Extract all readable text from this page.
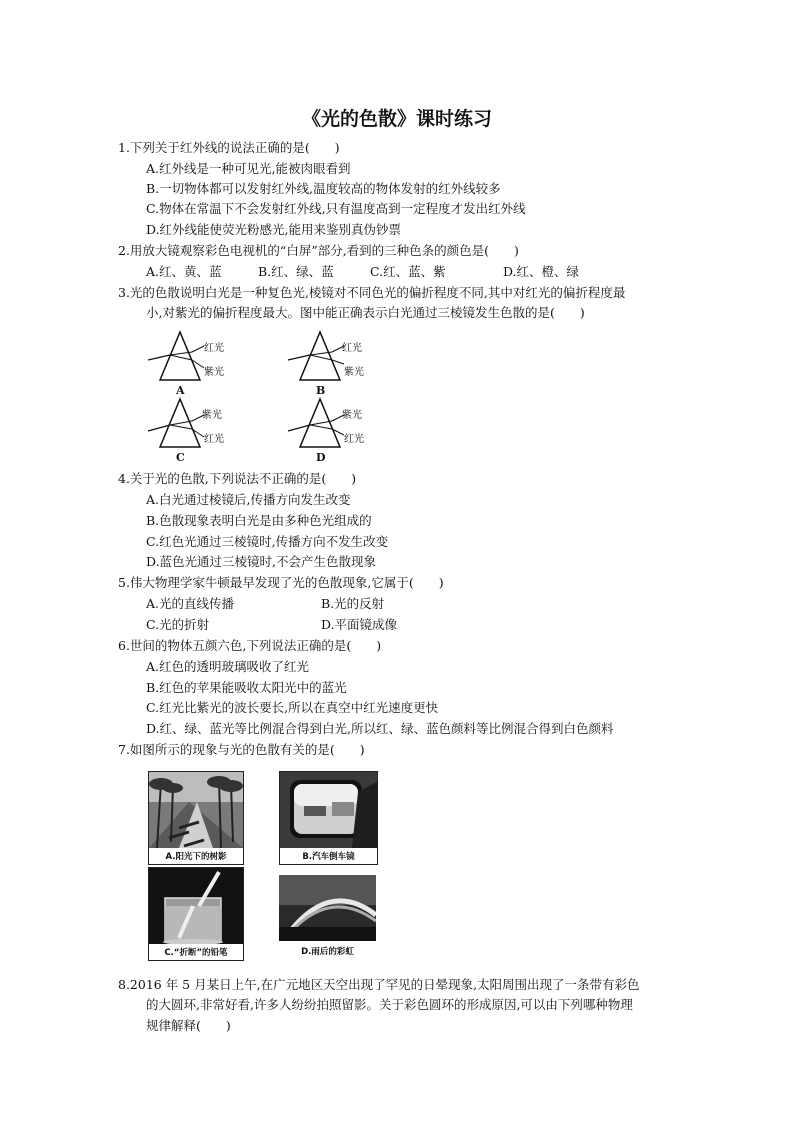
《光的色散》课时练习
1.下列关于红外线的说法正确的是(　　)
A.红外线是一种可见光,能被肉眼看到
B.一切物体都可以发射红外线,温度较高的物体发射的红外线较多
C.物体在常温下不会发射红外线,只有温度高到一定程度才发出红外线
D.红外线能使荧光粉感光,能用来鉴别真伪钞票
2.用放大镜观察彩色电视机的“白屏”部分,看到的三种色条的颜色是(　　)
A.红、黄、蓝	B.红、绿、蓝	C.红、蓝、紫	D.红、橙、绿
3.光的色散说明白光是一种复色光,棱镜对不同色光的偏折程度不同,其中对红光的偏折程度最
小,对紫光的偏折程度最大。图中能正确表示白光通过三棱镜发生色散的是(　　)
红光
紫光
A
红光
紫光
B
紫光
红光
C
紫光
红光
D
4.关于光的色散,下列说法不正确的是(　　)
A.白光通过棱镜后,传播方向发生改变
B.色散现象表明白光是由多种色光组成的
C.红色光通过三棱镜时,传播方向不发生改变
D.蓝色光通过三棱镜时,不会产生色散现象
5.伟大物理学家牛顿最早发现了光的色散现象,它属于(　　)
A.光的直线传播	B.光的反射
C.光的折射	D.平面镜成像
6.世间的物体五颜六色,下列说法正确的是(　　)
A.红色的透明玻璃吸收了红光
B.红色的苹果能吸收太阳光中的蓝光
C.红光比紫光的波长要长,所以在真空中红光速度更快
D.红、绿、蓝光等比例混合得到白光,所以红、绿、蓝色颜料等比例混合得到白色颜料
7.如图所示的现象与光的色散有关的是(　　)
A.阳光下的树影	B.汽车倒车镜
C.“折断”的铅笔	D.雨后的彩虹
8.2016 年 5 月某日上午,在广元地区天空出现了罕见的日晕现象,太阳周围出现了一条带有彩色
的大圆环,非常好看,许多人纷纷拍照留影。关于彩色圆环的形成原因,可以由下列哪种物理
规律解释(　　)
